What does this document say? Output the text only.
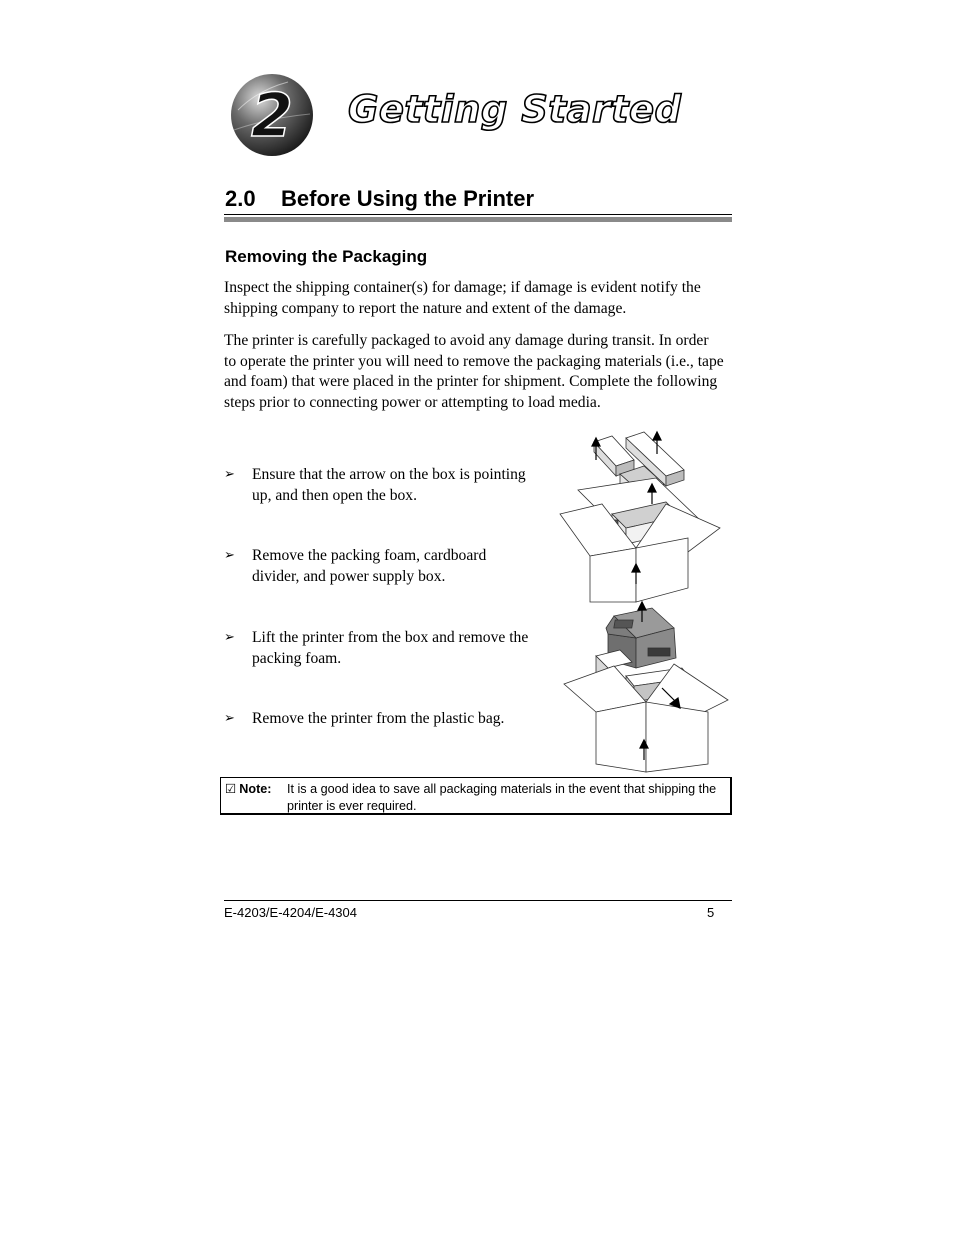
2 Getting Started
2.0 Before Using the Printer
Removing the Packaging

Inspect the shipping container(s) for damage; if damage is evident notify the shipping company to report the nature and extent of the damage.

The printer is carefully packaged to avoid any damage during transit. In order to operate the printer you will need to remove the packaging materials (i.e., tape and foam) that were placed in the printer for shipment. Complete the following steps prior to connecting power or attempting to load media.

➢ Ensure that the arrow on the box is pointing up, and then open the box.
➢ Remove the packing foam, cardboard divider, and power supply box.
➢ Lift the printer from the box and remove the packing foam.
➢ Remove the printer from the plastic bag.
☑ Note: It is a good idea to save all packaging materials in the event that shipping the printer is ever required.
E-4203/E-4204/E-4304	5
